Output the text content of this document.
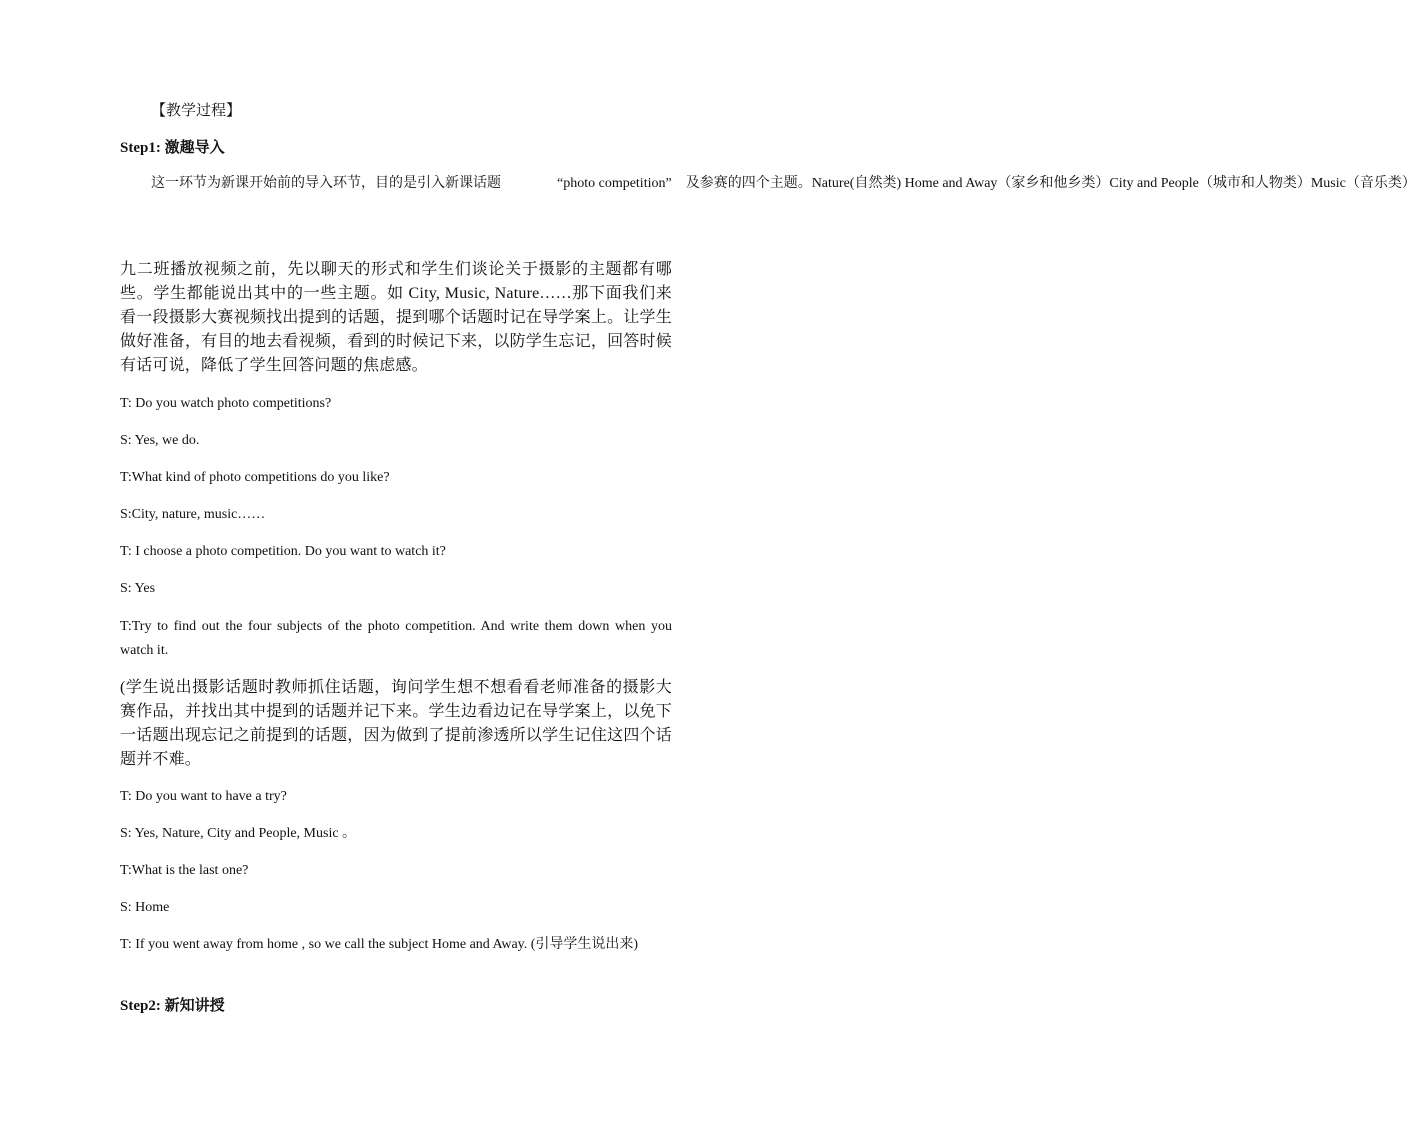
【教学过程】
Step1: 激趣导入

这一环节为新课开始前的导入环节，目的是引入新课话题　　　　“photo competition”　及参赛的四个主题。Nature(自然类) Home and Away（家乡和他乡类）City and People（城市和人物类）Music（音乐类）

九二班播放视频之前，先以聊天的形式和学生们谈论关于摄影的主题都有哪些。学生都能说出其中的一些主题。如 City, Music, Nature……那下面我们来看一段摄影大赛视频找出提到的话题，提到哪个话题时记在导学案上。让学生做好准备，有目的地去看视频，看到的时候记下来，以防学生忘记，回答时候有话可说，降低了学生回答问题的焦虑感。

T: Do you watch photo competitions?
S: Yes, we do.
T:What kind of photo competitions do you like?
S:City, nature, music……
T: I choose a photo competition. Do you want to watch it?
S: Yes

T:Try to find out the four subjects of the photo competition. And write them down when you watch it.

(学生说出摄影话题时教师抓住话题，询问学生想不想看看老师准备的摄影大赛作品，并找出其中提到的话题并记下来。学生边看边记在导学案上，以免下一话题出现忘记之前提到的话题，因为做到了提前渗透所以学生记住这四个话题并不难。

T: Do you want to have a try?
S: Yes, Nature, City and People, Music 。
T:What is the last one?
S: Home

T: If you went away from home , so we call the subject Home and Away. (引导学生说出来)

Step2: 新知讲授
